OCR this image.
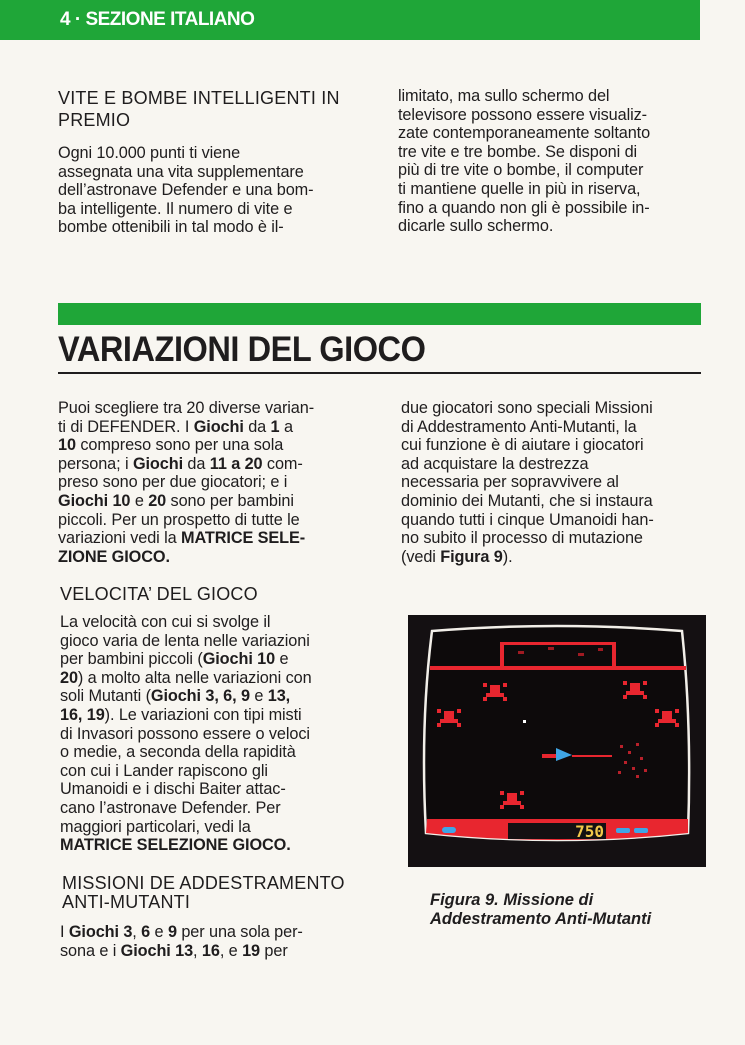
4 · SEZIONE ITALIANO
VITE E BOMBE INTELLIGENTI IN
PREMIO

Ogni 10.000 punti ti viene

assegnata una vita supplementare

dell’astronave Defender e una bom-

ba intelligente. Il numero di vite e

bombe ottenibili in tal modo è il-

limitato, ma sullo schermo del

televisore possono essere visualiz-

zate contemporaneamente soltanto

tre vite e tre bombe. Se disponi di

più di tre vite o bombe, il computer

ti mantiene quelle in più in riserva,

fino a quando non gli è possibile in-

dicarle sullo schermo.

VARIAZIONI DEL GIOCO

Puoi scegliere tra 20 diverse varian-

ti di DEFENDER. I Giochi da 1 a

10 compreso sono per una sola

persona; i Giochi da 11 a 20 com-

preso sono per due giocatori; e i

Giochi 10 e 20 sono per bambini

piccoli. Per un prospetto di tutte le

variazioni vedi la MATRICE SELE-

ZIONE GIOCO.

due giocatori sono speciali Missioni

di Addestramento Anti-Mutanti, la

cui funzione è di aiutare i giocatori

ad acquistare la destrezza

necessaria per sopravvivere al

dominio dei Mutanti, che si instaura

quando tutti i cinque Umanoidi han-

no subito il processo di mutazione

(vedi Figura 9).

VELOCITA’ DEL GIOCO

La velocità con cui si svolge il

gioco varia de lenta nelle variazioni

per bambini piccoli (Giochi 10 e

20) a molto alta nelle variazioni con

soli Mutanti (Giochi 3, 6, 9 e 13,

16, 19). Le variazioni con tipi misti

di Invasori possono essere o veloci

o medie, a seconda della rapidità

con cui i Lander rapiscono gli

Umanoidi e i dischi Baiter attac-

cano l’astronave Defender. Per

maggiori particolari, vedi la

MATRICE SELEZIONE GIOCO.

MISSIONI DE ADDESTRAMENTO
ANTI-MUTANTI

I Giochi 3, 6 e 9 per una sola per-

sona e i Giochi 13, 16, e 19 per

750
Figura 9. Missione di
Addestramento Anti-Mutanti
